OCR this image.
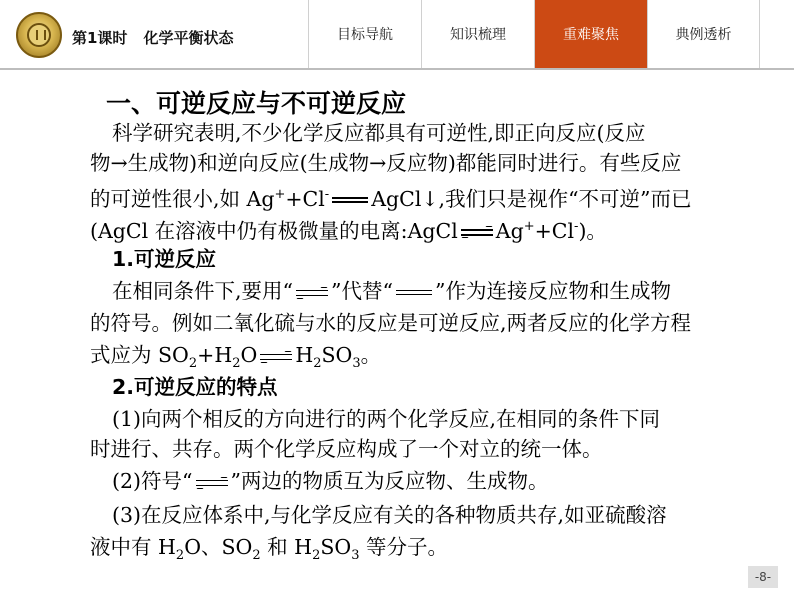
第1课时 化学平衡状态	目标导航	知识梳理	重难聚焦	典例透析
一、可逆反应与不可逆反应
科学研究表明,不少化学反应都具有可逆性,即正向反应(反应
物→生成物)和逆向反应(生成物→反应物)都能同时进行。有些反应
的可逆性很小,如 Ag++Cl- AgCl↓,我们只是视作“不可逆”而已
(AgCl 在溶液中仍有极微量的电离:AgCl→Ag++Cl-)。
1.可逆反应
在相同条件下,要用“→”代替“ ”作为连接反应物和生成物
的符号。例如二氧化硫与水的反应是可逆反应,两者反应的化学方程
式应为 $SO_2+H_2O\to H_2SO_3$。
2.可逆反应的特点
(1)向两个相反的方向进行的两个化学反应,在相同的条件下同
时进行、共存。两个化学反应构成了一个对立的统一体。
(2)符号“→”两边的物质互为反应物、生成物。
(3)在反应体系中,与化学反应有关的各种物质共存,如亚硫酸溶
液中有 $H_2O$、$SO_2$ 和 $H_2SO_3$ 等分子。
-8-
